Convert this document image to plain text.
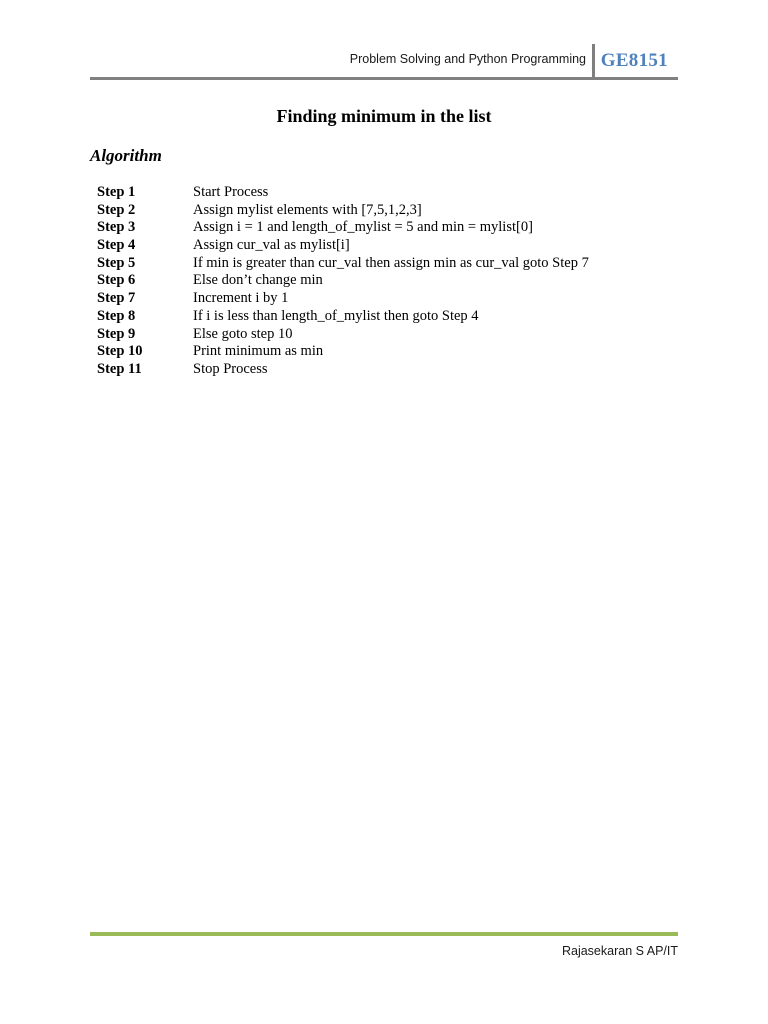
Problem Solving and Python Programming GE8151
Finding minimum in the list
Algorithm
Step 1	Start Process
Step 2	Assign mylist elements with [7,5,1,2,3]
Step 3	Assign i = 1 and length_of_mylist = 5 and min = mylist[0]
Step 4	Assign cur_val as mylist[i]
Step 5	If min is greater than cur_val then assign min as cur_val goto Step 7
Step 6	Else don’t change min
Step 7	Increment i by 1
Step 8	If i is less than length_of_mylist then goto Step 4
Step 9	Else goto step 10
Step 10	Print minimum as min
Step 11	Stop Process
Rajasekaran S AP/IT
